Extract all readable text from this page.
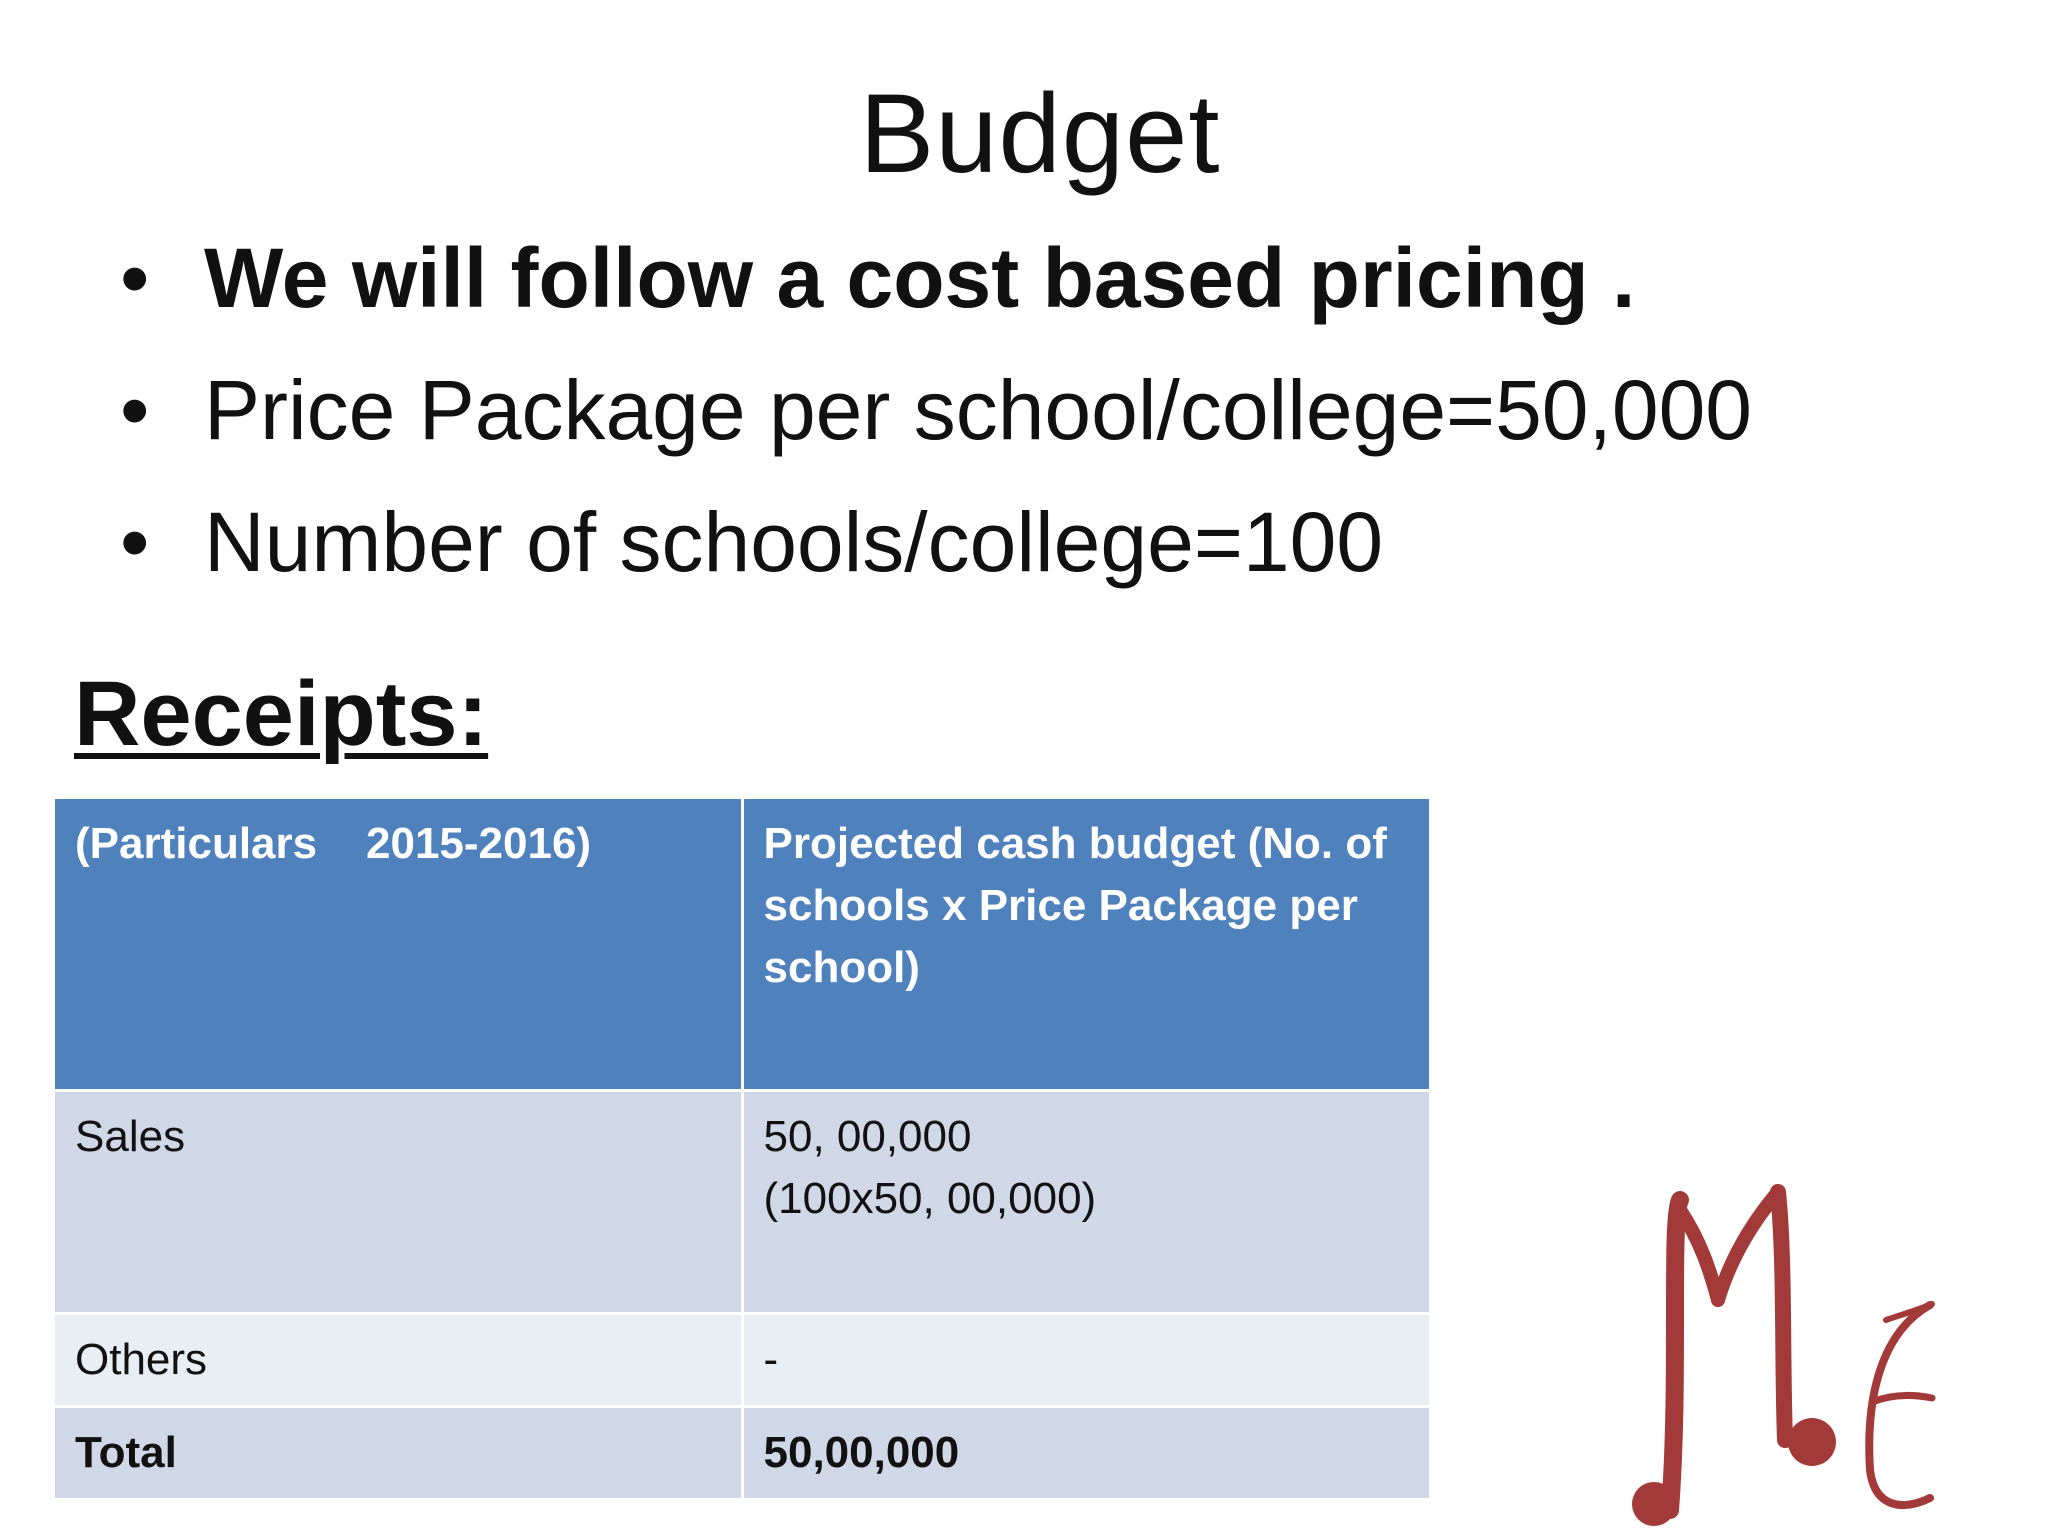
Budget
• We will follow a cost based pricing .
• Price Package per school/college=50,000
• Number of schools/college=100
Receipts:
(Particulars    2015-2016)	Projected cash budget (No. of schools x Price Package per school)

Sales	50, 00,000
(100x50, 00,000)

Others	-

Total	50,00,000
